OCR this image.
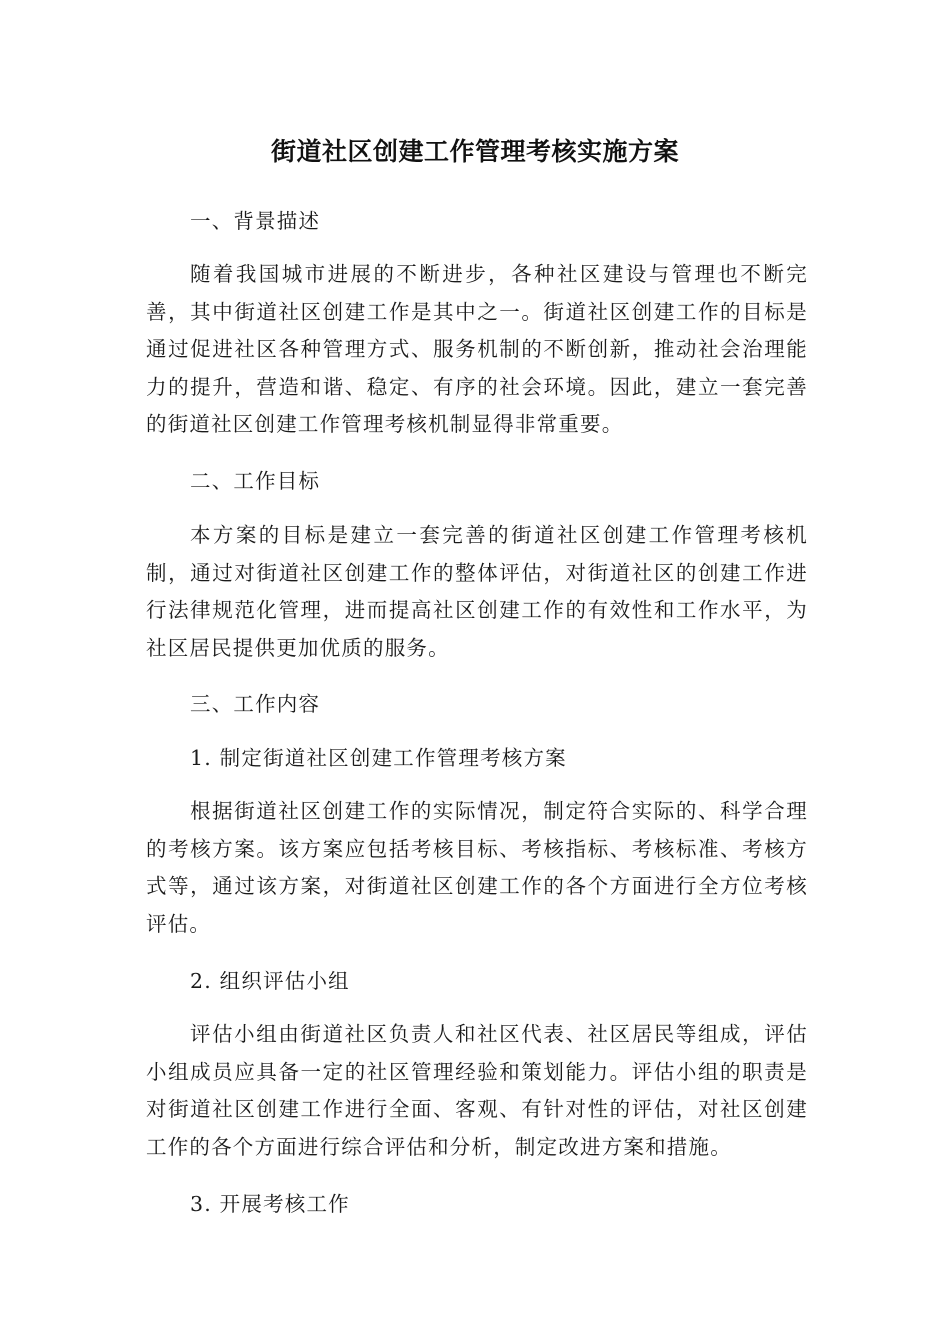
街道社区创建工作管理考核实施方案

一、背景描述

随着我国城市进展的不断进步，各种社区建设与管理也不断完善，其中街道社区创建工作是其中之一。街道社区创建工作的目标是通过促进社区各种管理方式、服务机制的不断创新，推动社会治理能力的提升，营造和谐、稳定、有序的社会环境。因此，建立一套完善的街道社区创建工作管理考核机制显得非常重要。

二、工作目标

本方案的目标是建立一套完善的街道社区创建工作管理考核机制，通过对街道社区创建工作的整体评估，对街道社区的创建工作进行法律规范化管理，进而提高社区创建工作的有效性和工作水平，为社区居民提供更加优质的服务。

三、工作内容

1. 制定街道社区创建工作管理考核方案

根据街道社区创建工作的实际情况，制定符合实际的、科学合理的考核方案。该方案应包括考核目标、考核指标、考核标准、考核方式等，通过该方案，对街道社区创建工作的各个方面进行全方位考核评估。

2. 组织评估小组

评估小组由街道社区负责人和社区代表、社区居民等组成，评估小组成员应具备一定的社区管理经验和策划能力。评估小组的职责是对街道社区创建工作进行全面、客观、有针对性的评估，对社区创建工作的各个方面进行综合评估和分析，制定改进方案和措施。

3. 开展考核工作
